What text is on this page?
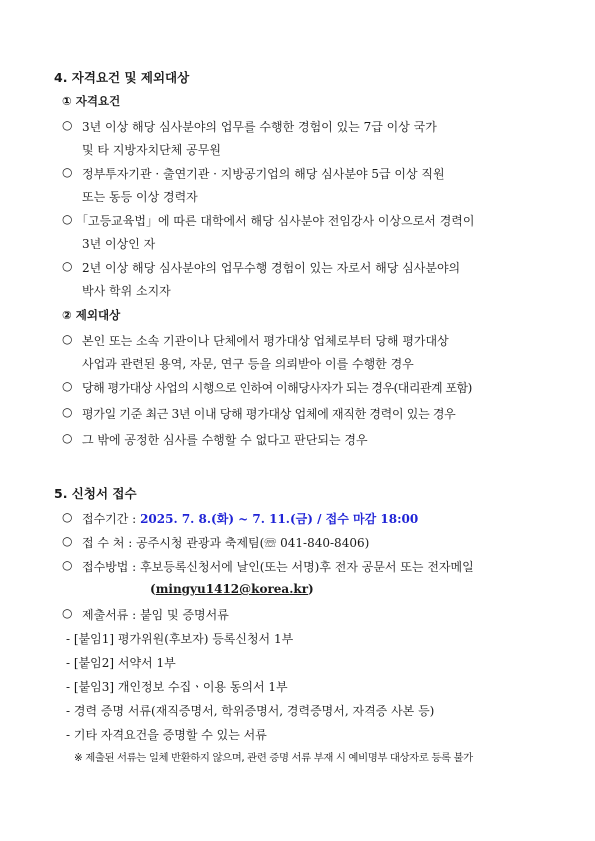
4. 자격요건 및 제외대상
① 자격요건
○ 3년 이상 해당 심사분야의 업무를 수행한 경험이 있는 7급 이상 국가
및 타 지방자치단체 공무원
○ 정부투자기관 · 출연기관 · 지방공기업의 해당 심사분야 5급 이상 직원
또는 동등 이상 경력자
○ 「고등교육법」에 따른 대학에서 해당 심사분야 전임강사 이상으로서 경력이
3년 이상인 자
○ 2년 이상 해당 심사분야의 업무수행 경험이 있는 자로서 해당 심사분야의
박사 학위 소지자
② 제외대상
○ 본인 또는 소속 기관이나 단체에서 평가대상 업체로부터 당해 평가대상
사업과 관련된 용역, 자문, 연구 등을 의뢰받아 이를 수행한 경우
○ 당해 평가대상 사업의 시행으로 인하여 이해당사자가 되는 경우(대리관계 포함)
○ 평가일 기준 최근 3년 이내 당해 평가대상 업체에 재직한 경력이 있는 경우
○ 그 밖에 공정한 심사를 수행할 수 없다고 판단되는 경우
5. 신청서 접수
○ 접수기간 : 2025. 7. 8.(화) ~ 7. 11.(금) / 접수 마감 18:00
○ 접 수 처 : 공주시청 관광과 축제팀(☏ 041-840-8406)
○ 접수방법 : 후보등록신청서에 날인(또는 서명)후 전자 공문서 또는 전자메일
(mingyu1412@korea.kr)
○ 제출서류 : 붙임 및 증명서류
- [붙임1] 평가위원(후보자) 등록신청서 1부
- [붙임2] 서약서 1부
- [붙임3] 개인정보 수집ㆍ이용 동의서 1부
- 경력 증명 서류(재직증명서, 학위증명서, 경력증명서, 자격증 사본 등)
- 기타 자격요건을 증명할 수 있는 서류
※ 제출된 서류는 일체 반환하지 않으며, 관련 증명 서류 부재 시 예비명부 대상자로 등록 불가
